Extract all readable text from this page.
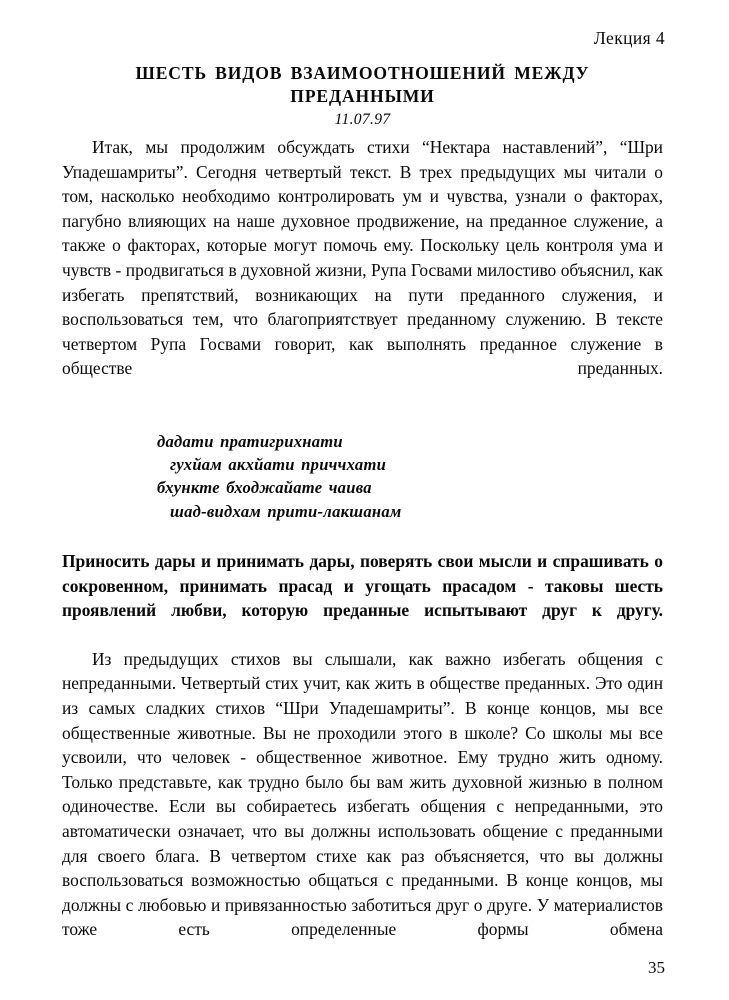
Лекция 4
ШЕСТЬ ВИДОВ ВЗАИМООТНОШЕНИЙ МЕЖДУ ПРЕДАННЫМИ
11.07.97

Итак, мы продолжим обсуждать стихи “Нектара наставлений”, “Шри Упадешамриты”. Сегодня четвертый текст. В трех предыдущих мы читали о том, насколько необходимо контролировать ум и чувства, узнали о факторах, пагубно влияющих на наше духовное продвижение, на преданное служение, а также о факторах, которые могут помочь ему. Поскольку цель контроля ума и чувств - продвигаться в духовной жизни, Рупа Госвами милостиво объяснил, как избегать препятствий, возникающих на пути преданного служения, и воспользоваться тем, что благоприятствует преданному служению. В тексте четвертом Рупа Госвами говорит, как выполнять преданное служение в обществе преданных.

дадати пратигрихнати
гухйам акхйати приччхати
бхункте бходжайате чаива
шад-видхам прити-лакшанам

Приносить дары и принимать дары, поверять свои мысли и спрашивать о сокровенном, принимать прасад и угощать прасадом - таковы шесть проявлений любви, которую преданные испытывают друг к другу.

Из предыдущих стихов вы слышали, как важно избегать общения с непреданными. Четвертый стих учит, как жить в обществе преданных. Это один из самых сладких стихов “Шри Упадешамриты”. В конце концов, мы все общественные животные. Вы не проходили этого в школе? Со школы мы все усвоили, что человек - общественное животное. Ему трудно жить одному. Только представьте, как трудно было бы вам жить духовной жизнью в полном одиночестве. Если вы собираетесь избегать общения с непреданными, это автоматически означает, что вы должны использовать общение с преданными для своего блага. В четвертом стихе как раз объясняется, что вы должны воспользоваться возможностью общаться с преданными. В конце концов, мы должны с любовью и привязанностью заботиться друг о друге. У материалистов тоже есть определенные формы обмена

35
